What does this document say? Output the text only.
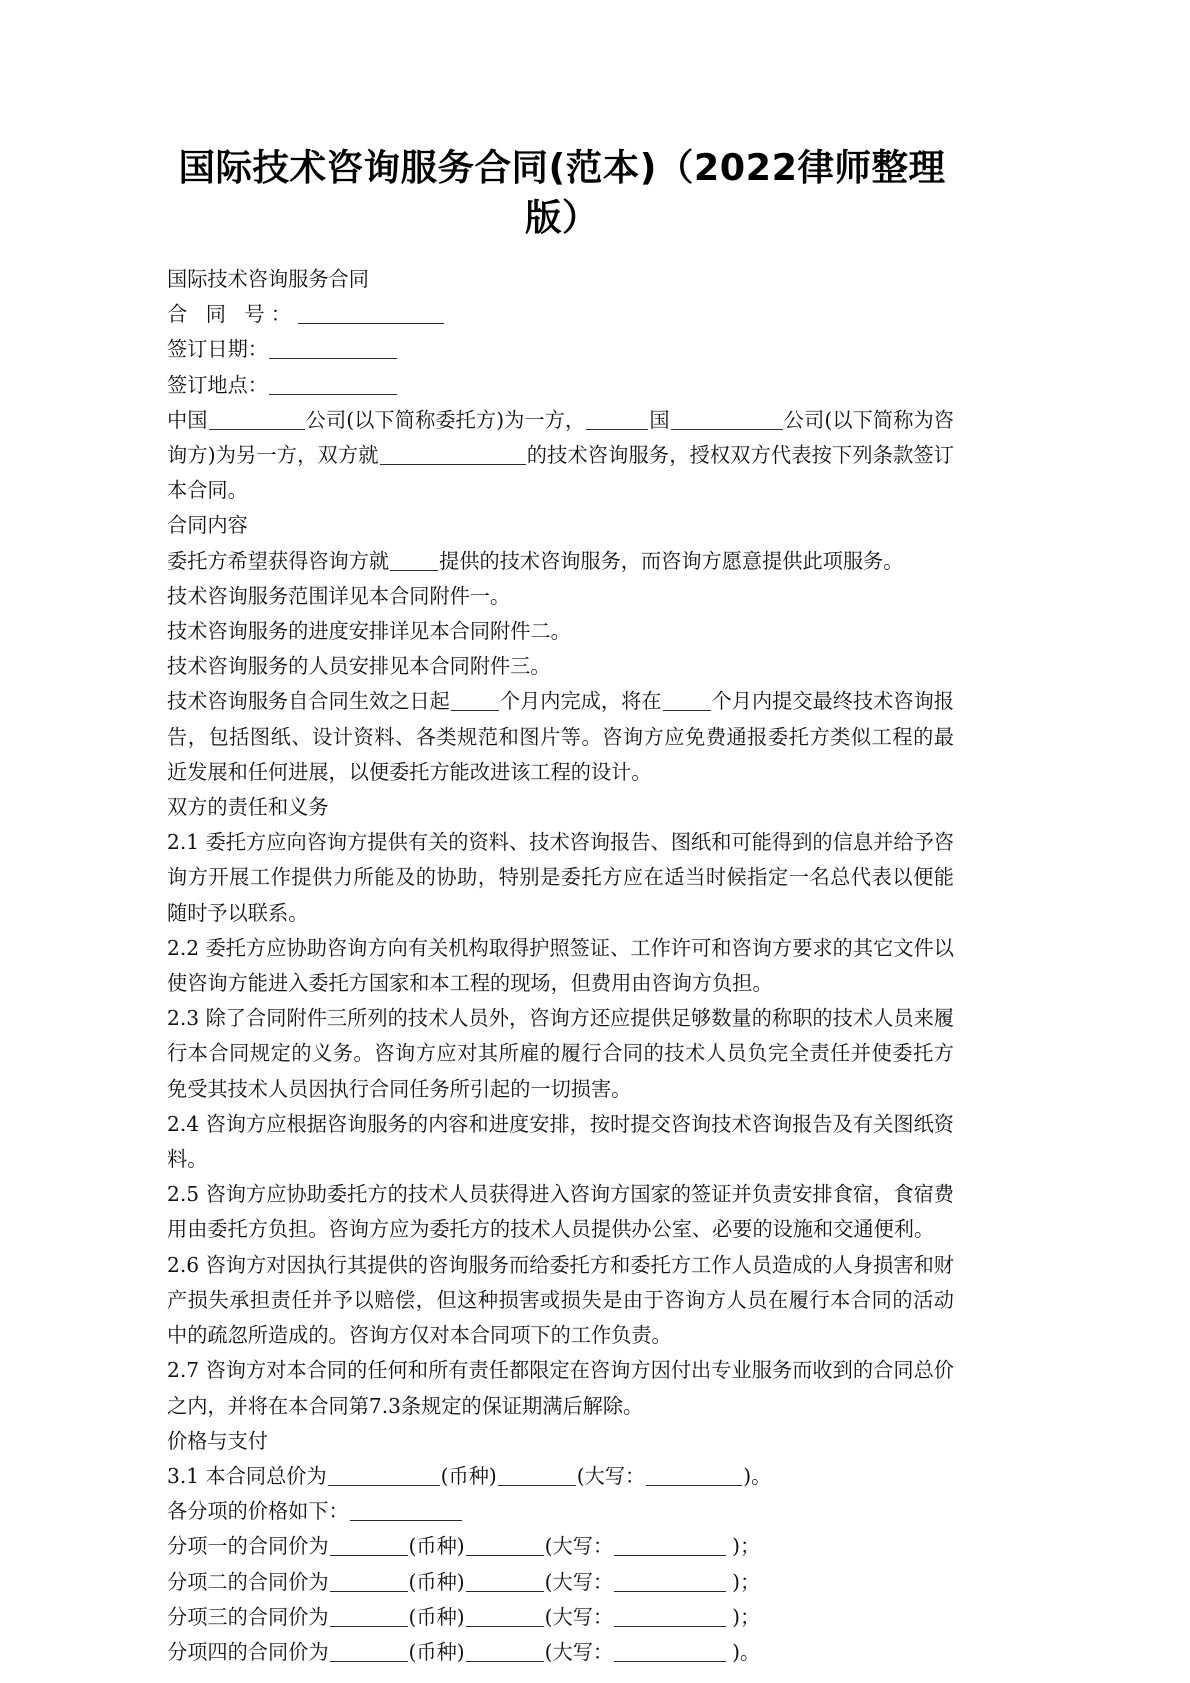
国际技术咨询服务合同(范本)（2022律师整理版）

国际技术咨询服务合同

合 同 号：

签订日期：

签订地点：

中国	公司(以下简称委托方)为一方，	国	公司(以下简称为咨询方)为另一方，双方就	的技术咨询服务，授权双方代表按下列条款签订本合同。

合同内容

委托方希望获得咨询方就 提供的技术咨询服务，而咨询方愿意提供此项服务。

技术咨询服务范围详见本合同附件一。

技术咨询服务的进度安排详见本合同附件二。

技术咨询服务的人员安排见本合同附件三。

技术咨询服务自合同生效之日起 个月内完成，将在 个月内提交最终技术咨询报告，包括图纸、设计资料、各类规范和图片等。咨询方应免费通报委托方类似工程的最近发展和任何进展，以便委托方能改进该工程的设计。

双方的责任和义务

2.1 委托方应向咨询方提供有关的资料、技术咨询报告、图纸和可能得到的信息并给予咨询方开展工作提供力所能及的协助，特别是委托方应在适当时候指定一名总代表以便能随时予以联系。

2.2 委托方应协助咨询方向有关机构取得护照签证、工作许可和咨询方要求的其它文件以使咨询方能进入委托方国家和本工程的现场，但费用由咨询方负担。

2.3 除了合同附件三所列的技术人员外，咨询方还应提供足够数量的称职的技术人员来履行本合同规定的义务。咨询方应对其所雇的履行合同的技术人员负完全责任并使委托方免受其技术人员因执行合同任务所引起的一切损害。

2.4 咨询方应根据咨询服务的内容和进度安排，按时提交咨询技术咨询报告及有关图纸资料。

2.5 咨询方应协助委托方的技术人员获得进入咨询方国家的签证并负责安排食宿，食宿费用由委托方负担。咨询方应为委托方的技术人员提供办公室、必要的设施和交通便利。

2.6 咨询方对因执行其提供的咨询服务而给委托方和委托方工作人员造成的人身损害和财产损失承担责任并予以赔偿，但这种损害或损失是由于咨询方人员在履行本合同的活动中的疏忽所造成的。咨询方仅对本合同项下的工作负责。

2.7 咨询方对本合同的任何和所有责任都限定在咨询方因付出专业服务而收到的合同总价之内，并将在本合同第7.3条规定的保证期满后解除。

价格与支付

3.1 本合同总价为	(币种)	(大写：	)。

各分项的价格如下：

分项一的合同价为	(币种)	(大写：	)；

分项二的合同价为	(币种)	(大写：	)；

分项三的合同价为	(币种)	(大写：	)；

分项四的合同价为	(币种)	(大写：	)。
